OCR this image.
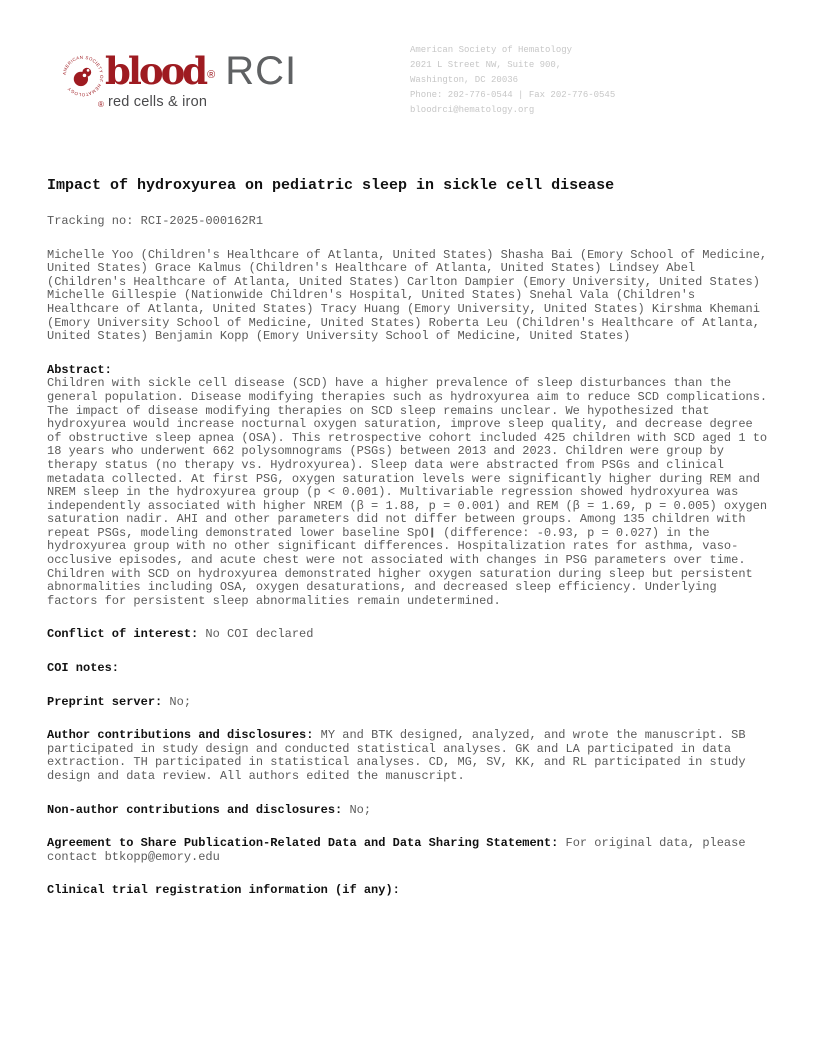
AMERICAN SOCIETY OF HEMATOLOGY
®
blood ® RCI
red cells & iron
American Society of Hematology
2021 L Street NW, Suite 900,
Washington, DC 20036
Phone: 202-776-0544 | Fax 202-776-0545
bloodrci@hematology.org
Impact of hydroxyurea on pediatric sleep in sickle cell disease

Tracking no: RCI-2025-000162R1

Michelle Yoo (Children's Healthcare of Atlanta, United States) Shasha Bai (Emory School of Medicine, United States) Grace Kalmus (Children's Healthcare of Atlanta, United States) Lindsey Abel (Children's Healthcare of Atlanta, United States) Carlton Dampier (Emory University, United States) Michelle Gillespie (Nationwide Children's Hospital, United States) Snehal Vala (Children's Healthcare of Atlanta, United States) Tracy Huang (Emory University, United States) Kirshma Khemani (Emory University School of Medicine, United States) Roberta Leu (Children's Healthcare of Atlanta, United States) Benjamin Kopp (Emory University School of Medicine, United States)

Abstract:
Children with sickle cell disease (SCD) have a higher prevalence of sleep disturbances than the general population. Disease modifying therapies such as hydroxyurea aim to reduce SCD complications. The impact of disease modifying therapies on SCD sleep remains unclear. We hypothesized that hydroxyurea would increase nocturnal oxygen saturation, improve sleep quality, and decrease degree of obstructive sleep apnea (OSA). This retrospective cohort included 425 children with SCD aged 1 to 18 years who underwent 662 polysomnograms (PSGs) between 2013 and 2023. Children were group by therapy status (no therapy vs. Hydroxyurea). Sleep data were abstracted from PSGs and clinical metadata collected. At first PSG, oxygen saturation levels were significantly higher during REM and NREM sleep in the hydroxyurea group (p < 0.001). Multivariable regression showed hydroxyurea was independently associated with higher NREM (β = 1.88, p = 0.001) and REM (β = 1.69, p = 0.005) oxygen saturation nadir. AHI and other parameters did not differ between groups. Among 135 children with repeat PSGs, modeling demonstrated lower baseline SpO❙ (difference: -0.93, p = 0.027) in the hydroxyurea group with no other significant differences. Hospitalization rates for asthma, vaso-occlusive episodes, and acute chest were not associated with changes in PSG parameters over time. Children with SCD on hydroxyurea demonstrated higher oxygen saturation during sleep but persistent abnormalities including OSA, oxygen desaturations, and decreased sleep efficiency. Underlying factors for persistent sleep abnormalities remain undetermined.

Conflict of interest: No COI declared

COI notes:

Preprint server: No;

Author contributions and disclosures: MY and BTK designed, analyzed, and wrote the manuscript. SB participated in study design and conducted statistical analyses. GK and LA participated in data extraction. TH participated in statistical analyses. CD, MG, SV, KK, and RL participated in study design and data review. All authors edited the manuscript.

Non-author contributions and disclosures: No;

Agreement to Share Publication-Related Data and Data Sharing Statement: For original data, please contact btkopp@emory.edu

Clinical trial registration information (if any):
